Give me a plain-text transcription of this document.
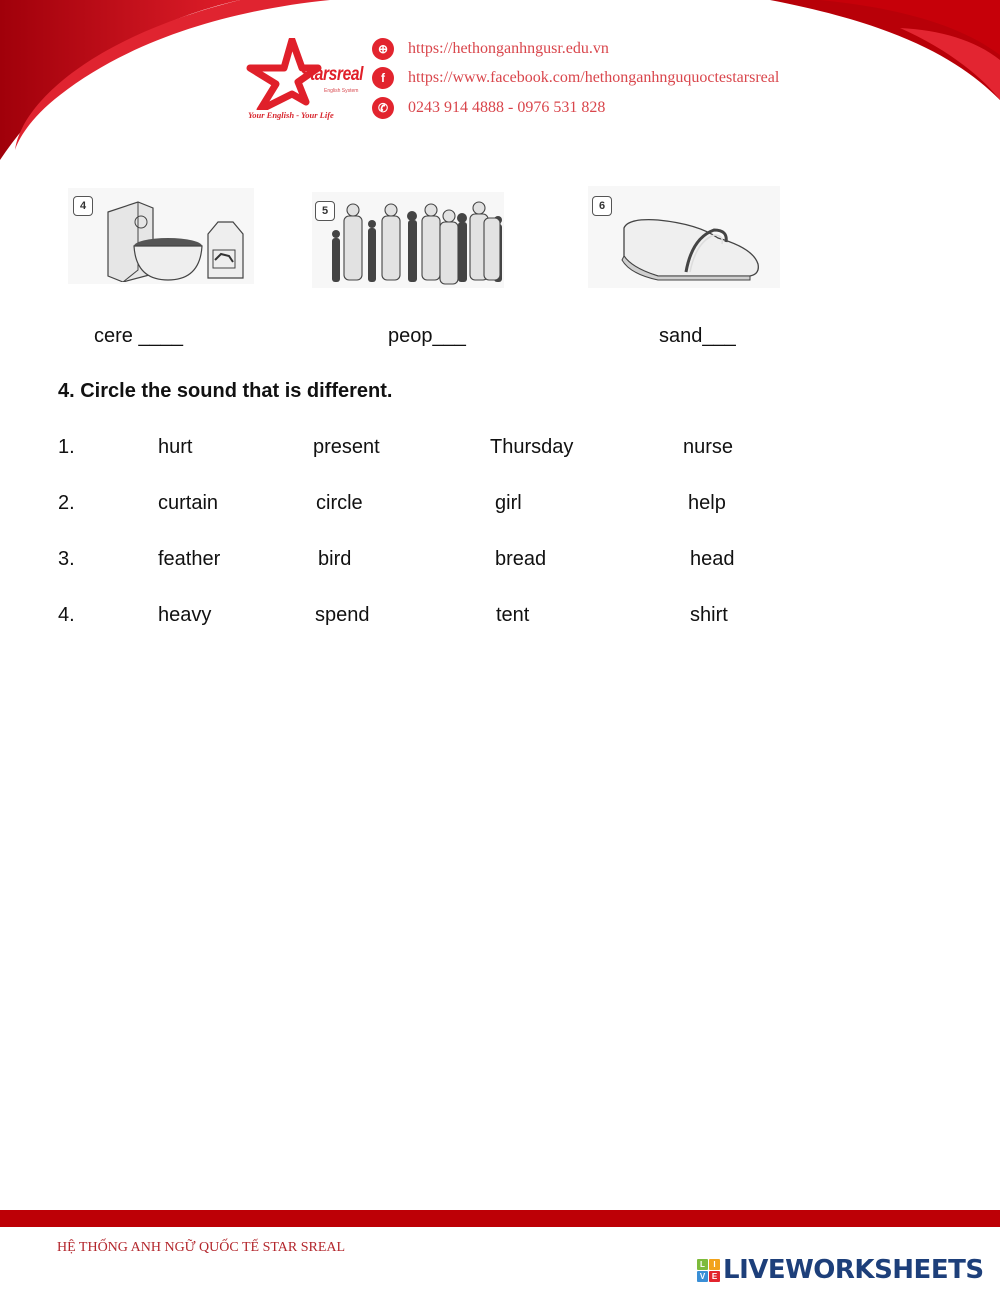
Starsreal
English System
Your English - Your Life
⊕	https://hethonganhngusr.edu.vn
f	https://www.facebook.com/hethonganhnguquoctestarsreal
✆	0243 914 4888 - 0976 531 828
4	5	6
cere ____	peop___	sand___
4. Circle the sound that is different.
1.	hurt	present	Thursday	nurse
2.	curtain	circle	girl	help
3.	feather	bird	bread	head
4.	heavy	spend	tent	shirt
HỆ THỐNG ANH NGỮ QUỐC TẾ STAR SREAL
L	I
V E LIVEWORKSHEETS
